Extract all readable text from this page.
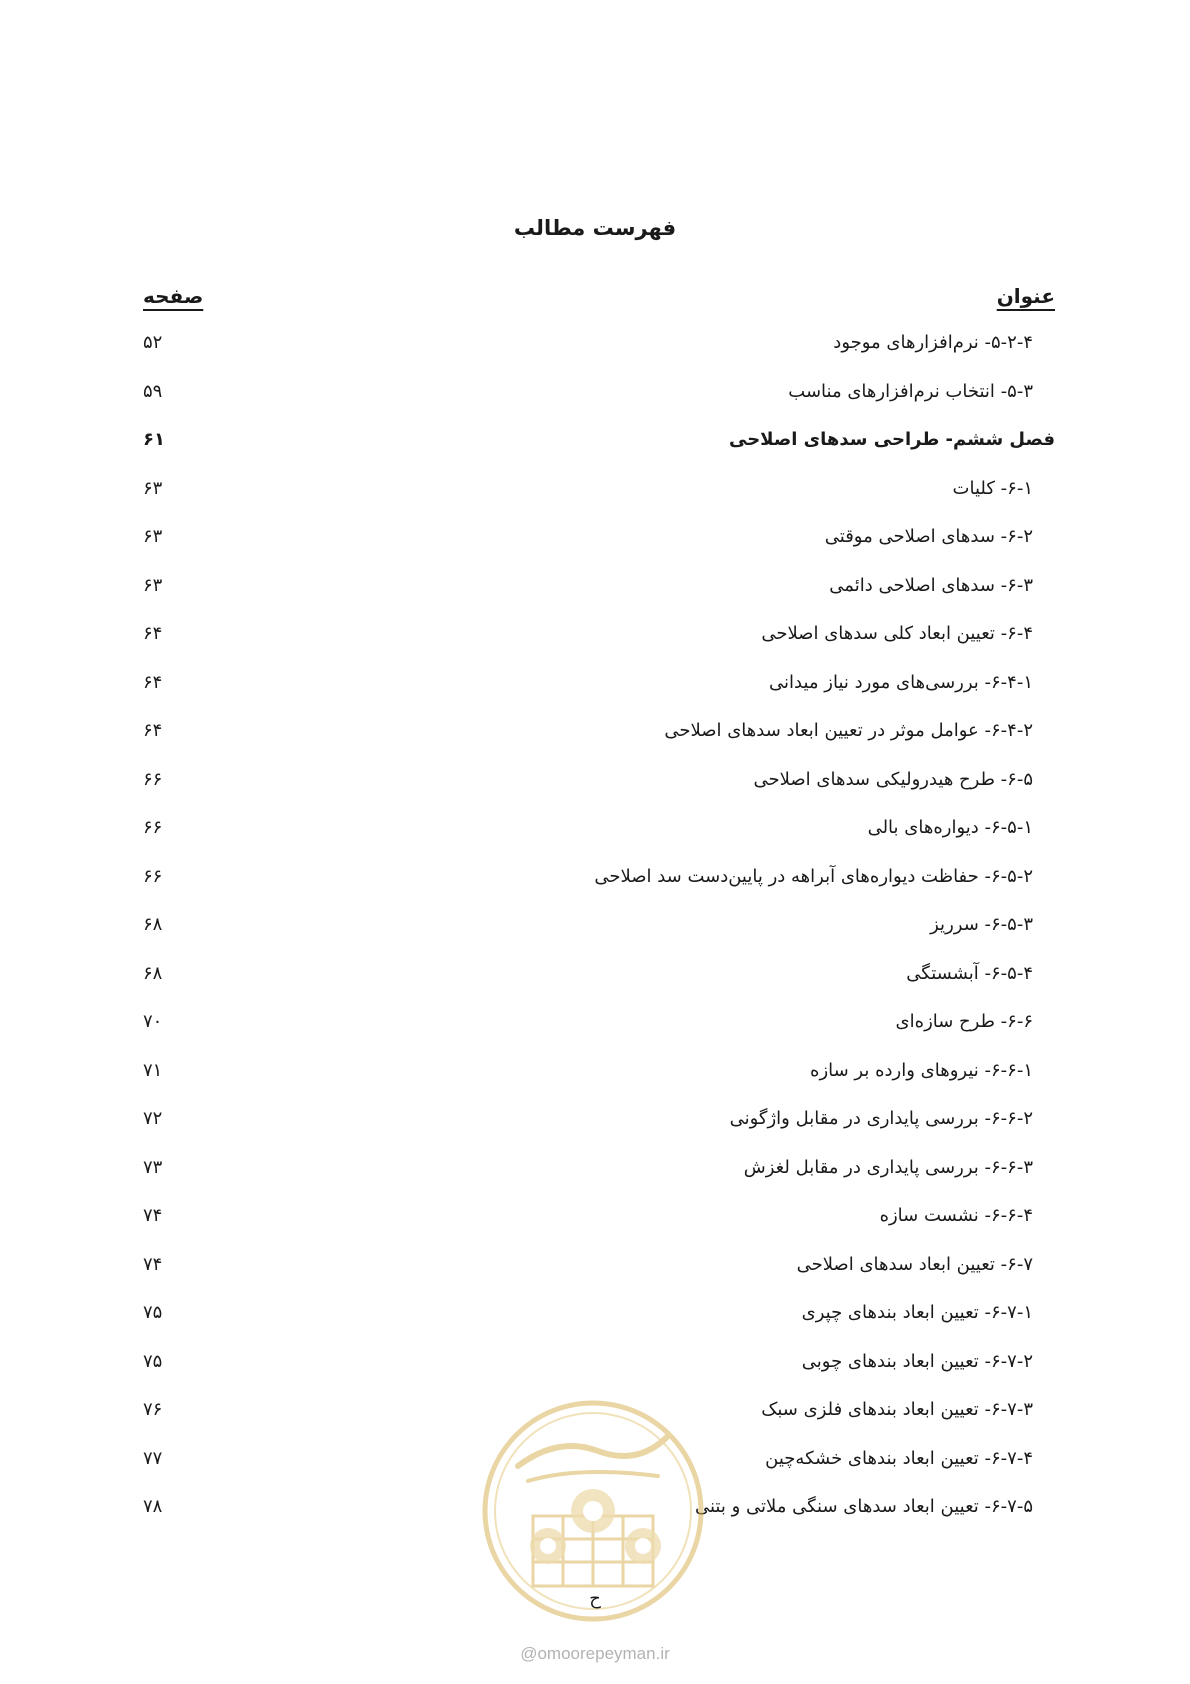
فهرست مطالب
عنوان
صفحه
۵-۲-۴- نرم‌افزارهای موجود
۵۲
۵-۳- انتخاب نرم‌افزارهای مناسب
۵۹
فصل ششم- طراحی سدهای اصلاحی
۶۱
۶-۱- کلیات
۶۳
۶-۲- سدهای اصلاحی موقتی
۶۳
۶-۳- سدهای اصلاحی دائمی
۶۳
۶-۴- تعیین ابعاد کلی سدهای اصلاحی
۶۴
۶-۴-۱- بررسی‌های مورد نیاز میدانی
۶۴
۶-۴-۲- عوامل موثر در تعیین ابعاد سدهای اصلاحی
۶۴
۶-۵- طرح هیدرولیکی سدهای اصلاحی
۶۶
۶-۵-۱- دیواره‌های بالی
۶۶
۶-۵-۲- حفاظت دیواره‌های آبراهه در پایین‌دست سد اصلاحی
۶۶
۶-۵-۳- سرریز
۶۸
۶-۵-۴- آبشستگی
۶۸
۶-۶- طرح سازه‌ای
۷۰
۶-۶-۱- نیروهای وارده بر سازه
۷۱
۶-۶-۲- بررسی پایداری در مقابل واژگونی
۷۲
۶-۶-۳- بررسی پایداری در مقابل لغزش
۷۳
۶-۶-۴- نشست سازه
۷۴
۶-۷- تعیین ابعاد سدهای اصلاحی
۷۴
۶-۷-۱- تعیین ابعاد بندهای چپری
۷۵
۶-۷-۲- تعیین ابعاد بندهای چوبی
۷۵
۶-۷-۳- تعیین ابعاد بندهای فلزی سبک
۷۶
۶-۷-۴- تعیین ابعاد بندهای خشکه‌چین
۷۷
۶-۷-۵- تعیین ابعاد سدهای سنگی ملاتی و بتنی
۷۸
ح
@omoorepeyman.ir
